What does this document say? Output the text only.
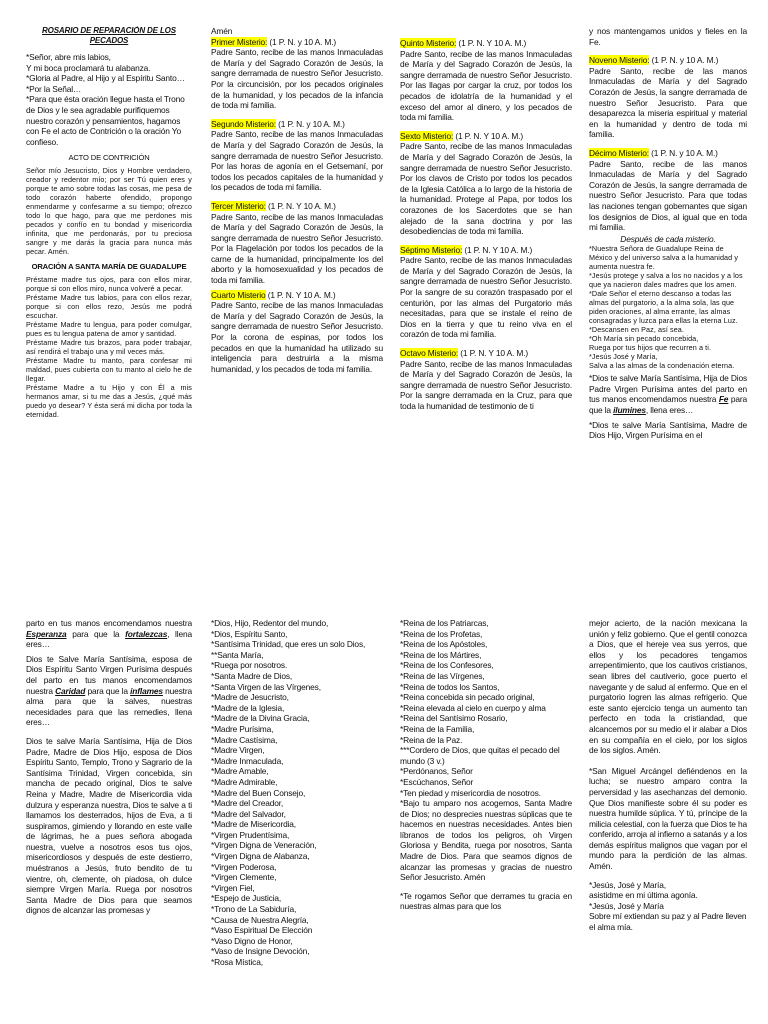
ROSARIO DE REPARACIÓN DE LOS PECADOS
*Señor, abre mis labios,
Y mi boca proclamará tu alabanza.
*Gloria al Padre, al Hijo y al Espíritu Santo…
*Por la Señal…
*Para que ésta oración llegue hasta el Trono de Dios y le sea agradable purifiquemos nuestro corazón y pensamientos, hagamos con Fe el acto de Contrición o la oración Yo confieso.
ACTO DE CONTRICIÓN

Señor mío Jesucristo, Dios y Hombre verdadero, creador y redentor mío; por ser Tú quien eres y porque te amo sobre todas las cosas, me pesa de todo corazón haberte ofendido, propongo enmendarme y confesarme a su tiempo; ofrezco todo lo que hago, para que me perdones mis pecados y confío en tu bondad y misericordia infinita, que me perdonarás, por tu preciosa sangre y me darás la gracia para nunca más pecar. Amén.

ORACIÓN A SANTA MARÍA DE GUADALUPE
Préstame madre tus ojos, para con ellos mirar, porque si con ellos miro, nunca volveré a pecar.
Préstame Madre tus labios, para con ellos rezar, porque si con ellos rezo, Jesús me podrá escuchar.
Préstame Madre tu lengua, para poder comulgar, pues es tu lengua patena de amor y santidad.
Préstame Madre tus brazos, para poder trabajar, así rendirá el trabajo una y mil veces más.
Préstame Madre tu manto, para confesar mi maldad, pues cubierta con tu manto al cielo he de llegar.
Préstame Madre a tu Hijo y con Él a mis hermanos amar, si tu me das a Jesús, ¿qué más puedo yo desear? Y ésta será mi dicha por toda la eternidad.
Amén
Primer Misterio: (1 P. N. y 10 A. M.)

Padre Santo, recibe de las manos Inmaculadas de María y del Sagrado Corazón de Jesús, la sangre derramada de nuestro Señor Jesucristo. Por la circuncisión, por los pecados originales de la humanidad, y los pecados de la infancia de toda mi familia.

Segundo Misterio: (1 P. N. y 10 A. M.)

Padre Santo, recibe de las manos Inmaculadas de María y del Sagrado Corazón de Jesús, la sangre derramada de nuestro Señor Jesucristo. Por las horas de agonía en el Getsemaní, por todos los pecados capitales de la humanidad y los pecados de toda mi familia.

Tercer Misterio: (1 P. N. Y 10 A. M.)

Padre Santo, recibe de las manos Inmaculadas de María y del Sagrado Corazón de Jesús, la sangre derramada de nuestro Señor Jesucristo. Por la Flagelación por todos los pecados de la carne de la humanidad, principalmente los del aborto y la homosexualidad y los pecados de toda mi familia.

Cuarto Misterio (1 P. N. Y 10 A. M.)

Padre Santo, recibe de las manos Inmaculadas de María y del Sagrado Corazón de Jesús, la sangre derramada de nuestro Señor Jesucristo. Por la corona de espinas, por todos los pecados en que la humanidad ha utilizado su inteligencia para destruirla a la misma humanidad, y los pecados de toda mi familia.

Quinto Misterio: (1 P. N. Y 10 A. M.)

Padre Santo, recibe de las manos Inmaculadas de María y del Sagrado Corazón de Jesús, la sangre derramada de nuestro Señor Jesucristo. Por las llagas por cargar la cruz, por todos los pecados de idolatría de la humanidad y el exceso del amor al dinero, y los pecados de toda mi familia.

Sexto Misterio: (1 P. N. Y 10 A. M.)

Padre Santo, recibe de las manos Inmaculadas de María y del Sagrado Corazón de Jesús, la sangre derramada de nuestro Señor Jesucristo. Por los clavos de Cristo por todos los pecados de la Iglesia Católica a lo largo de la historia de la humanidad. Protege al Papa, por todos los corazones de los Sacerdotes que se han alejado de la sana doctrina y por las desobediencias de toda mi familia.

Séptimo Misterio: (1 P. N. Y 10 A. M.)

Padre Santo, recibe de las manos Inmaculadas de María y del Sagrado Corazón de Jesús, la sangre derramada de nuestro Señor Jesucristo. Por la sangre de su corazón traspasado por el centurión, por las almas del Purgatorio más necesitadas, para que se instale el reino de Dios en la tierra y que tu reino viva en el corazón de toda mi familia.

Octavo Misterio: (1 P. N. Y 10 A. M.)

Padre Santo, recibe de las manos Inmaculadas de María y del Sagrado Corazón de Jesús, la sangre derramada de nuestro Señor Jesucristo. Por la sangre derramada en la Cruz, para que toda la humanidad de testimonio de ti

y nos mantengamos unidos y fieles en la Fe.

Noveno Misterio: (1 P. N. y 10 A. M.)

Padre Santo, recibe de las manos Inmaculadas de María y del Sagrado Corazón de Jesús, la sangre derramada de nuestro Señor Jesucristo. Para que desaparezca la miseria espiritual y material en la humanidad y dentro de toda mi familia.

Décimo Misterio: (1 P. N. y 10 A. M.)

Padre Santo, recibe de las manos Inmaculadas de María y del Sagrado Corazón de Jesús, la sangre derramada de nuestro Señor Jesucristo. Para que todas las naciones tengan gobernantes que sigan los designios de Dios, al igual que en toda mi familia.

Después de cada misterio.
*Nuestra Señora de Guadalupe Reina de México y del universo salva a la humanidad y aumenta nuestra fe.
*Jesús protege y salva a los no nacidos y a los que ya nacieron dales madres que los amen.
*Dale Señor el eterno descanso a todas las almas del purgatorio, a la alma sola, las que piden oraciones, al alma errante, las almas consagradas y luzca para ellas la eterna Luz.
*Descansen en Paz, así sea.
*Oh María sin pecado concebida,
Ruega por tus hijos que recurren a ti.
*Jesús José y María,
Salva a las almas de la condenación eterna.

*Dios te salve María Santísima, Hija de Dios Padre Virgen Purísima antes del parto en tus manos encomendamos nuestra Fe para que la ilumines, llena eres…

*Dios te salve María Santísima, Madre de Dios Hijo, Virgen Purísima en el

parto en tus manos encomendamos nuestra Esperanza para que la fortalezcas, llena eres…

Dios te Salve María Santísima, esposa de Dios Espíritu Santo Virgen Purísima después del parto en tus manos encomendamos nuestra Caridad para que la inflames nuestra alma para que la salves, nuestras necesidades para que las remedies, llena eres…

Dios te salve María Santísima, Hija de Dios Padre, Madre de Dios Hijo, esposa de Dios Espíritu Santo, Templo, Trono y Sagrario de la Santísima Trinidad, Virgen concebida, sin mancha de pecado original, Dios te salve Reina y Madre, Madre de Misericordia vida dulzura y esperanza nuestra, Dios te salve a ti llamamos los desterrados, hijos de Eva, a ti suspiramos, gimiendo y llorando en este valle de lágrimas, he a pues señora abogada nuestra, vuelve a nosotros esos tus ojos, misericordiosos y después de este destierro, muéstranos a Jesús, fruto bendito de tu vientre, oh, clemente, oh piadosa, oh dulce siempre Virgen María. Ruega por nosotros Santa Madre de Dios para que seamos dignos de alcanzar las promesas y

*Dios, Hijo, Redentor del mundo,
*Dios, Espíritu Santo,
*Santísima Trinidad, que eres un solo Dios,
**Santa María,
*Ruega por nosotros.
*Santa Madre de Dios,
*Santa Virgen de las Vírgenes,
*Madre de Jesucristo,
*Madre de la Iglesia,
*Madre de la Divina Gracia,
*Madre Purísima,
*Madre Castísima,
*Madre Virgen,
*Madre Inmaculada,
*Madre Amable,
*Madre Admirable,
*Madre del Buen Consejo,
*Madre del Creador,
*Madre del Salvador,
*Madre de Misericordia,
*Virgen Prudentísima,
*Virgen Digna de Veneración,
*Virgen Digna de Alabanza,
*Virgen Poderosa,
*Virgen Clemente,
*Virgen Fiel,
*Espejo de Justicia,
*Trono de La Sabiduría,
*Causa de Nuestra Alegría,
*Vaso Espiritual De Elección
*Vaso Digno de Honor,
*Vaso de Insigne Devoción,
*Rosa Mística,
*Reina de los Patriarcas,
*Reina de los Profetas,
*Reina de los Apóstoles,
*Reina de los Mártires,
*Reina de los Confesores,
*Reina de las Vírgenes,
*Reina de todos los Santos,
*Reina concebida sin pecado original,
*Reina elevada al cielo en cuerpo y alma
*Reina del Santísimo Rosario,
*Reina de la Familia,
*Reina de la Paz.
***Cordero de Dios, que quitas el pecado del mundo (3 v.)
*Perdónanos, Señor
*Escúchanos, Señor
*Ten piedad y misericordia de nosotros.

*Bajo tu amparo nos acogemos, Santa Madre de Dios; no desprecies nuestras súplicas que te hacemos en nuestras necesidades. Antes bien líbranos de todos los peligros, oh Virgen Gloriosa y Bendita, ruega por nosotros, Santa Madre de Dios. Para que seamos dignos de alcanzar las promesas y gracias de nuestro Señor Jesucristo. Amén

*Te rogamos Señor que derrames tu gracia en nuestras almas para que los

mejor acierto, de la nación mexicana la unión y feliz gobierno. Que el gentil conozca a Dios, que el hereje vea sus yerros, que ellos y los pecadores tengamos arrepentimiento, que los cautivos cristianos, sean libres del cautiverio, goce puerto el navegante y de salud al enfermo. Que en el purgatorio logren las almas refrigerio. Que este santo ejercicio tenga un aumento tan perfecto en toda la cristiandad, que alcancemos por su medio el ir alabar a Dios en su compañía en el cielo, por los siglos de los siglos. Amén.

*San Miguel Arcángel defiéndenos en la lucha; se nuestro amparo contra la perversidad y las asechanzas del demonio. Que Dios manifieste sobre él su poder es nuestra humilde súplica. Y tú, príncipe de la milicia celestial, con la fuerza que Dios te ha conferido, arroja al infierno a satanás y a los demás espíritus malignos que vagan por el mundo para la perdición de las almas. Amén.

*Jesús, José y María,
asistidme en mi última agonía.
*Jesús, José y María
Sobre mí extiendan su paz y al Padre lleven el alma mía.
